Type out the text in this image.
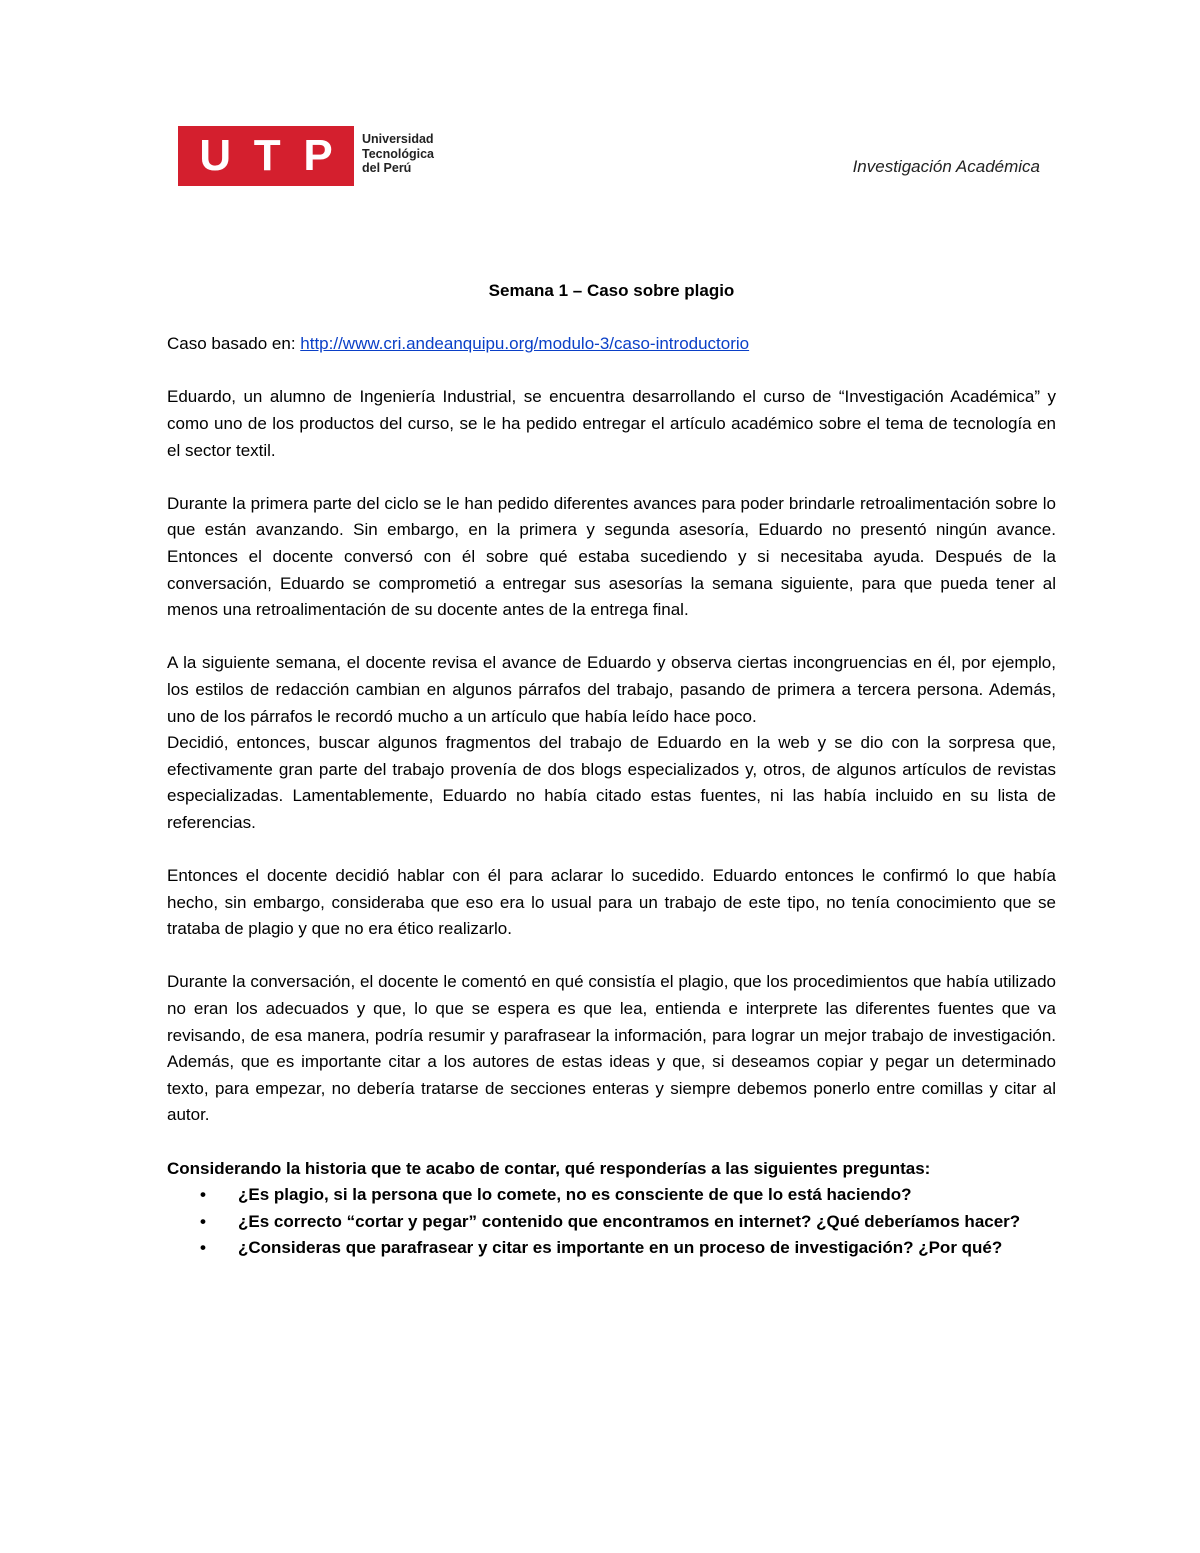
U T P Universidad
Tecnológica
del Perú	Investigación Académica
Semana 1 – Caso sobre plagio
Caso basado en: http://www.cri.andeanquipu.org/modulo-3/caso-introductorio
Eduardo, un alumno de Ingeniería Industrial, se encuentra desarrollando el curso de “Investigación Académica” y como uno de los productos del curso, se le ha pedido entregar el artículo académico sobre el tema de tecnología en el sector textil.
Durante la primera parte del ciclo se le han pedido diferentes avances para poder brindarle retroalimentación sobre lo que están avanzando. Sin embargo, en la primera y segunda asesoría, Eduardo no presentó ningún avance. Entonces el docente conversó con él sobre qué estaba sucediendo y si necesitaba ayuda. Después de la conversación, Eduardo se comprometió a entregar sus asesorías la semana siguiente, para que pueda tener al menos una retroalimentación de su docente antes de la entrega final.
A la siguiente semana, el docente revisa el avance de Eduardo y observa ciertas incongruencias en él, por ejemplo, los estilos de redacción cambian en algunos párrafos del trabajo, pasando de primera a tercera persona. Además, uno de los párrafos le recordó mucho a un artículo que había leído hace poco.
Decidió, entonces, buscar algunos fragmentos del trabajo de Eduardo en la web y se dio con la sorpresa que, efectivamente gran parte del trabajo provenía de dos blogs especializados y, otros, de algunos artículos de revistas especializadas. Lamentablemente, Eduardo no había citado estas fuentes, ni las había incluido en su lista de referencias.
Entonces el docente decidió hablar con él para aclarar lo sucedido. Eduardo entonces le confirmó lo que había hecho, sin embargo, consideraba que eso era lo usual para un trabajo de este tipo, no tenía conocimiento que se trataba de plagio y que no era ético realizarlo.
Durante la conversación, el docente le comentó en qué consistía el plagio, que los procedimientos que había utilizado no eran los adecuados y que, lo que se espera es que lea, entienda e interprete las diferentes fuentes que va revisando, de esa manera, podría resumir y parafrasear la información, para lograr un mejor trabajo de investigación. Además, que es importante citar a los autores de estas ideas y que, si deseamos copiar y pegar un determinado texto, para empezar, no debería tratarse de secciones enteras y siempre debemos ponerlo entre comillas y citar al autor.
Considerando la historia que te acabo de contar, qué responderías a las siguientes preguntas:
• ¿Es plagio, si la persona que lo comete, no es consciente de que lo está haciendo?
• ¿Es correcto “cortar y pegar” contenido que encontramos en internet? ¿Qué deberíamos hacer?
• ¿Consideras que parafrasear y citar es importante en un proceso de investigación? ¿Por qué?
